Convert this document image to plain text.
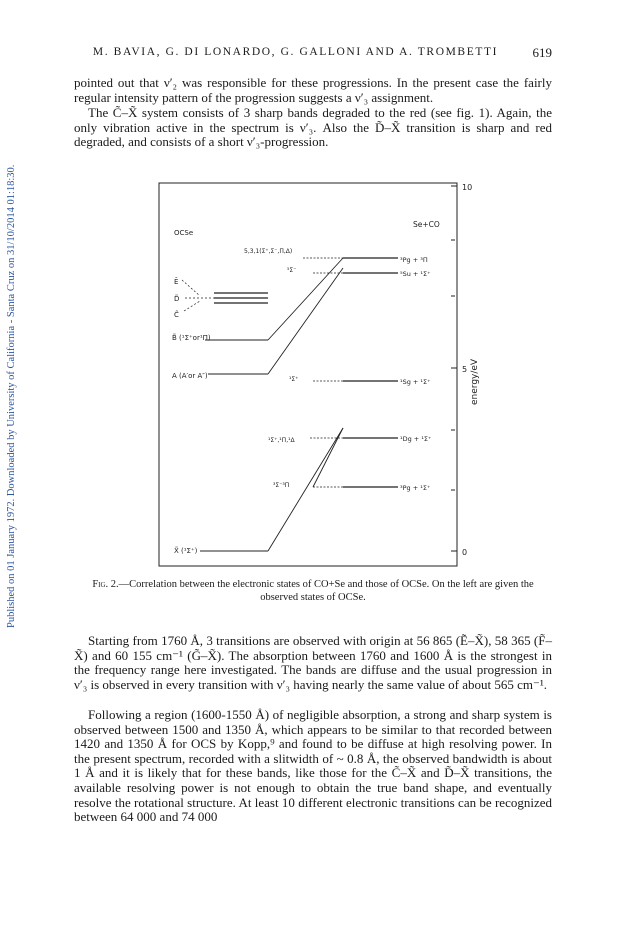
M. BAVIA, G. DI LONARDO, G. GALLONI AND A. TROMBETTI	619
Published on 01 January 1972. Downloaded by University of California - Santa Cruz on 31/10/2014 01:18:30.

pointed out that ν′₂ was responsible for these progressions. In the present case the fairly regular intensity pattern of the progression suggests a ν′₃ assignment.

The C̃–X̃ system consists of 3 sharp bands degraded to the red (see fig. 1). Again, the only vibration active in the spectrum is ν′₃. Also the D̃–X̃ transition is sharp and red degraded, and consists of a short ν′₃-progression.

10
5
0
energy/eV
OCSe
Se+CO
Ẽ
D̃
C̃
B̃ (¹Σ⁺or¹Π)
A (A′or A″)
X̃ (¹Σ⁺)
5,3,1(Σ⁺,Σ⁻,Π,Δ)
⁵Σ⁻
¹Σ⁺
¹Σ⁺,¹Π,¹Δ
³Σ⁻³Π
³Pg + ³Π
⁵Su + ¹Σ⁺
¹Sg + ¹Σ⁺
¹Dg + ¹Σ⁺
³Pg + ¹Σ⁺
Fig. 2.—Correlation between the electronic states of CO+Se and those of OCSe. On the left are given the observed states of OCSe.

Starting from 1760 Å, 3 transitions are observed with origin at 56 865 (Ẽ–X̃), 58 365 (F̃–X̃) and 60 155 cm⁻¹ (G̃–X̃). The absorption between 1760 and 1600 Å is the strongest in the frequency range here investigated. The bands are diffuse and the usual progression in ν′₃ is observed in every transition with ν′₃ having nearly the same value of about 565 cm⁻¹.

Following a region (1600-1550 Å) of negligible absorption, a strong and sharp system is observed between 1500 and 1350 Å, which appears to be similar to that recorded between 1420 and 1350 Å for OCS by Kopp,⁹ and found to be diffuse at high resolving power. In the present spectrum, recorded with a slitwidth of ~ 0.8 Å, the observed bandwidth is about 1 Å and it is likely that for these bands, like those for the C̃–X̃ and D̃–X̃ transitions, the available resolving power is not enough to obtain the true band shape, and eventually resolve the rotational structure. At least 10 different electronic transitions can be recognized between 64 000 and 74 000
